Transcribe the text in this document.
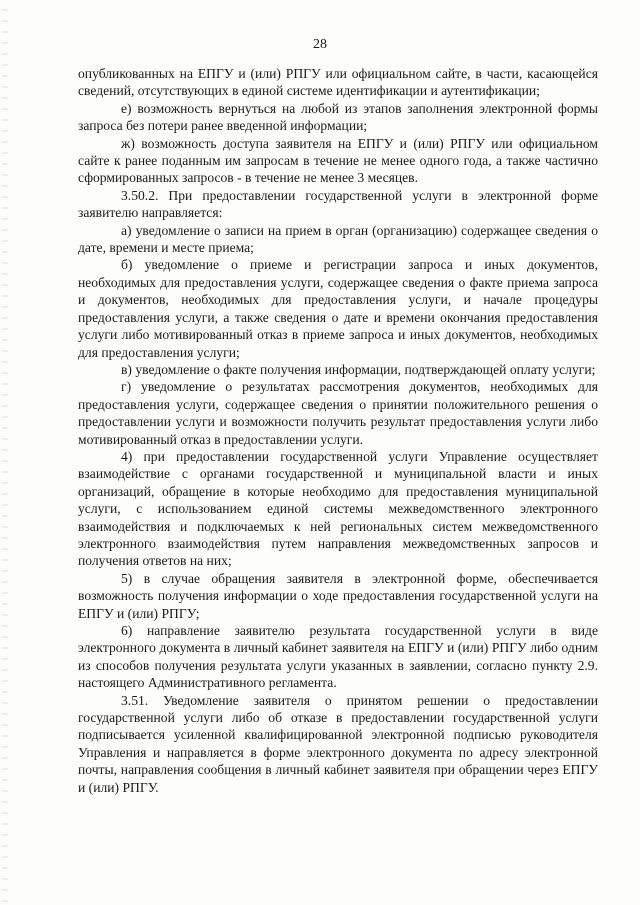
28

опубликованных на ЕПГУ и (или) РПГУ или официальном сайте, в части, касающейся сведений, отсутствующих в единой системе идентификации и аутентификации;

е) возможность вернуться на любой из этапов заполнения электронной формы запроса без потери ранее введенной информации;

ж) возможность доступа заявителя на ЕПГУ и (или) РПГУ или официальном сайте к ранее поданным им запросам в течение не менее одного года, а также частично сформированных запросов - в течение не менее 3 месяцев.

3.50.2. При предоставлении государственной услуги в электронной форме заявителю направляется:

а) уведомление о записи на прием в орган (организацию) содержащее сведения о дате, времени и месте приема;

б) уведомление о приеме и регистрации запроса и иных документов, необходимых для предоставления услуги, содержащее сведения о факте приема запроса и документов, необходимых для предоставления услуги, и начале процедуры предоставления услуги, а также сведения о дате и времени окончания предоставления услуги либо мотивированный отказ в приеме запроса и иных документов, необходимых для предоставления услуги;

в) уведомление о факте получения информации, подтверждающей оплату услуги;

г) уведомление о результатах рассмотрения документов, необходимых для предоставления услуги, содержащее сведения о принятии положительного решения о предоставлении услуги и возможности получить результат предоставления услуги либо мотивированный отказ в предоставлении услуги.

4) при предоставлении государственной услуги Управление осуществляет взаимодействие с органами государственной и муниципальной власти и иных организаций, обращение в которые необходимо для предоставления муниципальной услуги, с использованием единой системы межведомственного электронного взаимодействия и подключаемых к ней региональных систем межведомственного электронного взаимодействия путем направления межведомственных запросов и получения ответов на них;

5) в случае обращения заявителя в электронной форме, обеспечивается возможность получения информации о ходе предоставления государственной услуги на ЕПГУ и (или) РПГУ;

6) направление заявителю результата государственной услуги в виде электронного документа в личный кабинет заявителя на ЕПГУ и (или) РПГУ либо одним из способов получения результата услуги указанных в заявлении, согласно пункту 2.9. настоящего Административного регламента.

3.51. Уведомление заявителя о принятом решении о предоставлении государственной услуги либо об отказе в предоставлении государственной услуги подписывается усиленной квалифицированной электронной подписью руководителя Управления и направляется в форме электронного документа по адресу электронной почты, направления сообщения в личный кабинет заявителя при обращении через ЕПГУ и (или) РПГУ.
